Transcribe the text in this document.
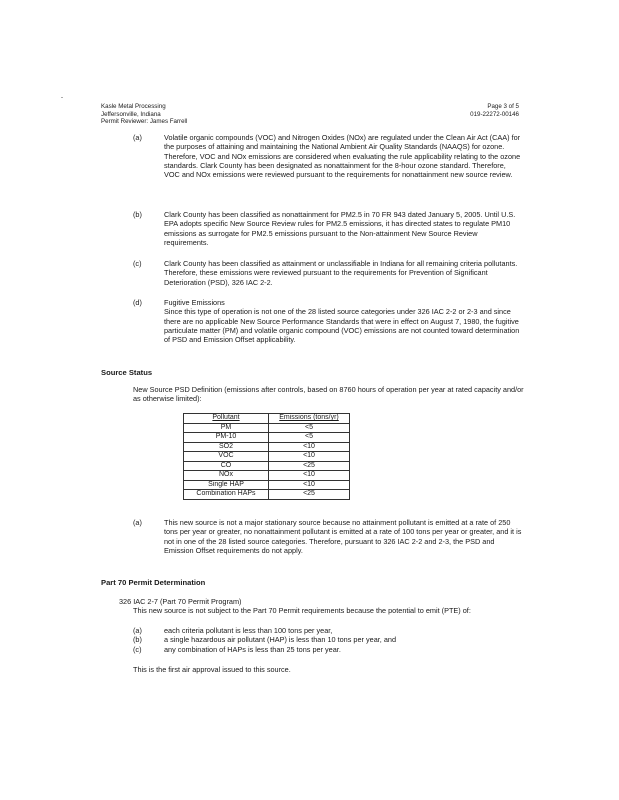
-
Kasle Metal Processing
Jeffersonville, Indiana
Permit Reviewer: James Farrell
Page 3 of 5
019-22272-00146
(a)	Volatile organic compounds (VOC) and Nitrogen Oxides (NOx) are regulated under the Clean Air Act (CAA) for the purposes of attaining and maintaining the National Ambient Air Quality Standards (NAAQS) for ozone. Therefore, VOC and NOx emissions are considered when evaluating the rule applicability relating to the ozone standards. Clark County has been designated as nonattainment for the 8-hour ozone standard. Therefore, VOC and NOx emissions were reviewed pursuant to the requirements for nonattainment new source review.
(b)	Clark County has been classified as nonattainment for PM2.5 in 70 FR 943 dated January 5, 2005. Until U.S. EPA adopts specific New Source Review rules for PM2.5 emissions, it has directed states to regulate PM10 emissions as surrogate for PM2.5 emissions pursuant to the Non-attainment New Source Review requirements.
(c)	Clark County has been classified as attainment or unclassifiable in Indiana for all remaining criteria pollutants. Therefore, these emissions were reviewed pursuant to the requirements for Prevention of Significant Deterioration (PSD), 326 IAC 2-2.
(d)	Fugitive Emissions
Since this type of operation is not one of the 28 listed source categories under 326 IAC 2-2 or 2-3 and since there are no applicable New Source Performance Standards that were in effect on August 7, 1980, the fugitive particulate matter (PM) and volatile organic compound (VOC) emissions are not counted toward determination of PSD and Emission Offset applicability.
Source Status
New Source PSD Definition (emissions after controls, based on 8760 hours of operation per year at rated capacity and/or as otherwise limited):
Pollutant	Emissions (tons/yr)
PM	<5
PM-10	<5
SO2	<10
VOC	<10
CO	<25
NOx	<10
Single HAP	<10
Combination HAPs	<25
(a)	This new source is not a major stationary source because no attainment pollutant is emitted at a rate of 250 tons per year or greater, no nonattainment pollutant is emitted at a rate of 100 tons per year or greater, and it is not in one of the 28 listed source categories. Therefore, pursuant to 326 IAC 2-2 and 2-3, the PSD and Emission Offset requirements do not apply.
Part 70 Permit Determination
326 IAC 2-7 (Part 70 Permit Program)
This new source is not subject to the Part 70 Permit requirements because the potential to emit (PTE) of:
(a)	each criteria pollutant is less than 100 tons per year,
(b)	a single hazardous air pollutant (HAP) is less than 10 tons per year, and
(c)	any combination of HAPs is less than 25 tons per year.
This is the first air approval issued to this source.
